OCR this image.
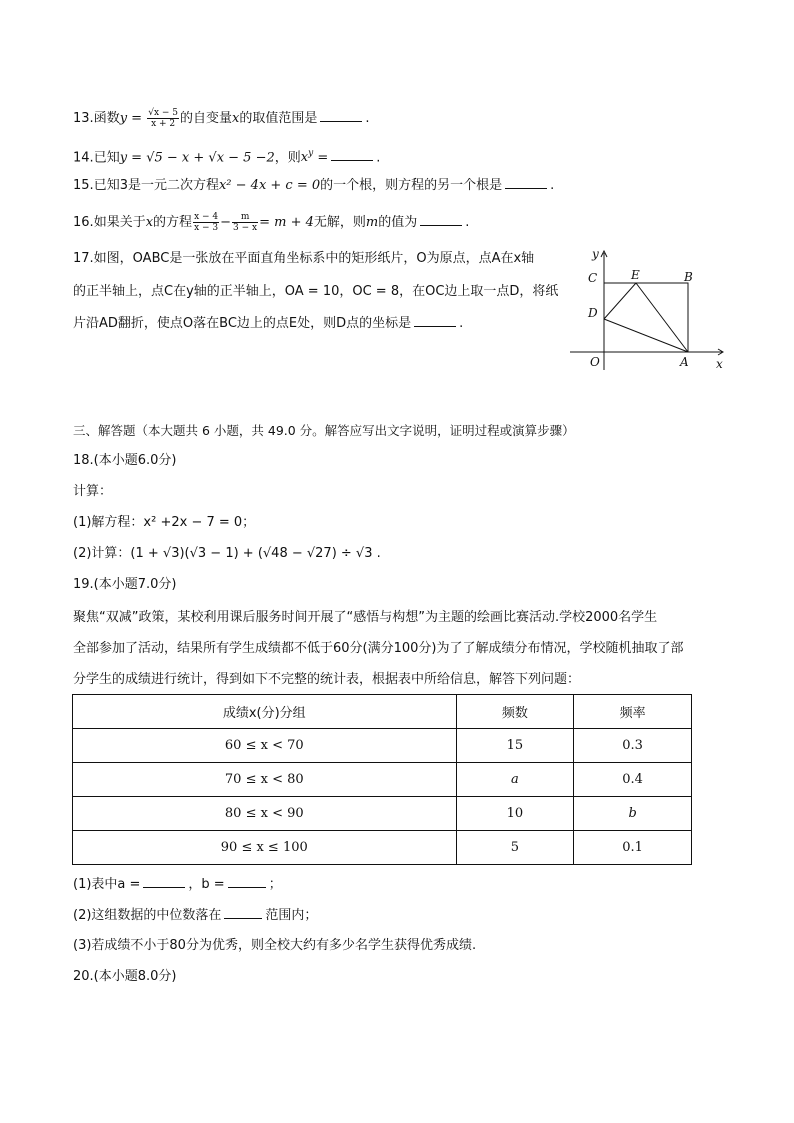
13.函数$y = \frac{√x - 5}{x + 2}$ 的自变量x的取值范围是	.
14.已知y = √5 − x + √x − 5 −2，则$x^y$ =	.
15.已知3是一元二次方程x² − 4x + c = 0的一个根，则方程的另一个根是	.
16.如果关于x的方程 $\frac{x - 4}{x - 3} - \frac{m}{3 - x} = m + 4$无解，则m的值为	.
17.如图，OABC是一张放在平面直角坐标系中的矩形纸片，O为原点，点A在x轴
的正半轴上，点C在y轴的正半轴上，OA = 10，OC = 8，在OC边上取一点D，将纸
片沿AD翻折，使点O落在BC边上的点E处，则D点的坐标是	.
y
x
C	E	B
D
O	A
三、解答题（本大题共 6 小题，共 49.0 分。解答应写出文字说明，证明过程或演算步骤）
18.(本小题6.0分)
计算：
(1)解方程：x² +2x − 7 = 0；
(2)计算：(1 + √3)(√3 − 1) + (√48 − √27) ÷ √3 .
19.(本小题7.0分)
聚焦“双减”政策，某校利用课后服务时间开展了“感悟与构想”为主题的绘画比赛活动.学校2000名学生
全部参加了活动，结果所有学生成绩都不低于60分(满分100分)为了了解成绩分布情况，学校随机抽取了部
分学生的成绩进行统计，得到如下不完整的统计表，根据表中所给信息，解答下列问题：
成绩x(分)分组	频数	频率
60 ≤ x < 70	15	0.3
70 ≤ x < 80	a	0.4
80 ≤ x < 90	10	b
90 ≤ x ≤ 100	5	0.1
(1)表中a =	，b =	；
(2)这组数据的中位数落在	范围内；
(3)若成绩不小于80分为优秀，则全校大约有多少名学生获得优秀成绩.
20.(本小题8.0分)
